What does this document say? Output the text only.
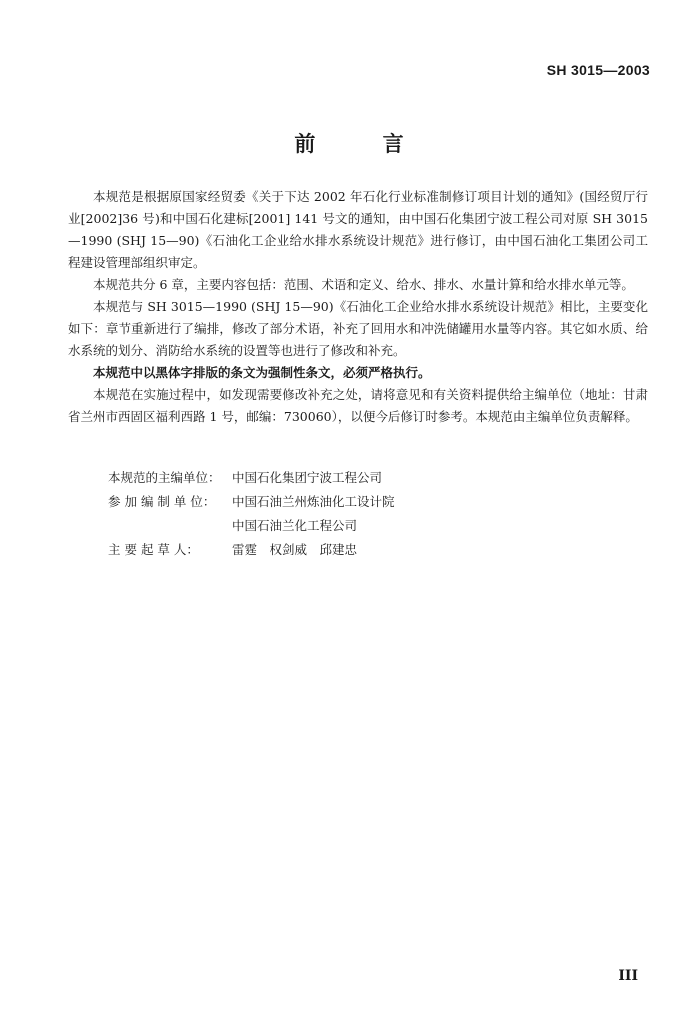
SH 3015—2003
前 言

本规范是根据原国家经贸委《关于下达 2002 年石化行业标准制修订项目计划的通知》(国经贸厅行业[2002]36 号)和中国石化建标[2001] 141 号文的通知，由中国石化集团宁波工程公司对原 SH 3015—1990 (SHJ 15—90)《石油化工企业给水排水系统设计规范》进行修订，由中国石油化工集团公司工程建设管理部组织审定。

本规范共分 6 章，主要内容包括：范围、术语和定义、给水、排水、水量计算和给水排水单元等。

本规范与 SH 3015—1990 (SHJ 15—90)《石油化工企业给水排水系统设计规范》相比，主要变化如下：章节重新进行了编排，修改了部分术语，补充了回用水和冲洗储罐用水量等内容。其它如水质、给水系统的划分、消防给水系统的设置等也进行了修改和补充。

本规范中以黑体字排版的条文为强制性条文，必须严格执行。

本规范在实施过程中，如发现需要修改补充之处，请将意见和有关资料提供给主编单位（地址：甘肃省兰州市西固区福利西路 1 号，邮编：730060），以便今后修订时参考。本规范由主编单位负责解释。

本规范的主编单位： 中国石化集团宁波工程公司
参 加 编 制 单 位：	中国石油兰州炼油化工设计院
中国石油兰化工程公司
主 要 起 草 人：	雷霆　权剑威　邱建忠
III
